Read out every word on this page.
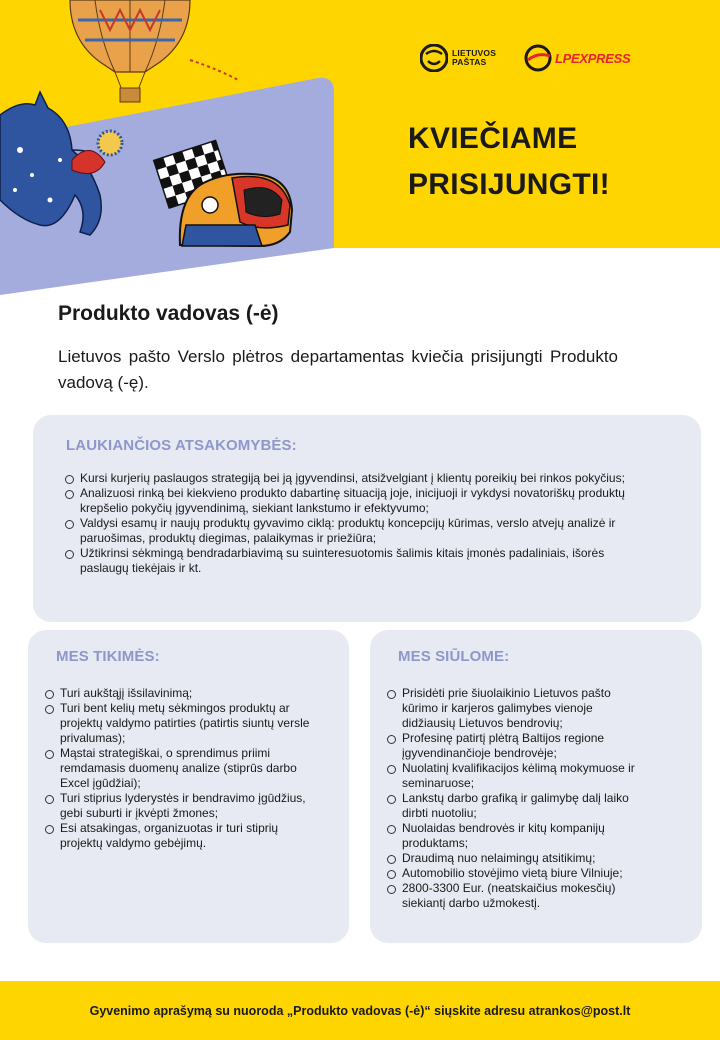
LIETUVOS
PAŠTAS	LPEXPRESS
KVIEČIAME
PRISIJUNGTI!
Produkto vadovas (-ė)

Lietuvos pašto Verslo plėtros departamentas kviečia prisijungti Produkto vadovą (-ę).

LAUKIANČIOS ATSAKOMYBĖS:
Kursi kurjerių paslaugos strategiją bei ją įgyvendinsi, atsižvelgiant į klientų poreikių bei rinkos pokyčius;
Analizuosi rinką bei kiekvieno produkto dabartinę situaciją joje, inicijuoji ir vykdysi novatoriškų produktų krepšelio pokyčių įgyvendinimą, siekiant lankstumo ir efektyvumo;
Valdysi esamų ir naujų produktų gyvavimo ciklą: produktų koncepcijų kūrimas, verslo atvejų analizė ir paruošimas, produktų diegimas, palaikymas ir priežiūra;
Užtikrinsi sėkmingą bendradarbiavimą su suinteresuotomis šalimis kitais įmonės padaliniais, išorės paslaugų tiekėjais ir kt.
MES TIKIMĖS:
Turi aukštąjį išsilavinimą;
Turi bent kelių metų sėkmingos produktų ar projektų valdymo patirties (patirtis siuntų versle privalumas);
Mąstai strategiškai, o sprendimus priimi remdamasis duomenų analize (stiprūs darbo Excel įgūdžiai);
Turi stiprius lyderystės ir bendravimo įgūdžius, gebi suburti ir įkvėpti žmones;
Esi atsakingas, organizuotas ir turi stiprių projektų valdymo gebėjimų.
MES SIŪLOME:
Prisidėti prie šiuolaikinio Lietuvos pašto kūrimo ir karjeros galimybes vienoje didžiausių Lietuvos bendrovių;
Profesinę patirtį plėtrą Baltijos regione įgyvendinančioje bendrovėje;
Nuolatinį kvalifikacijos kėlimą mokymuose ir seminaruose;
Lankstų darbo grafiką ir galimybę dalį laiko dirbti nuotoliu;
Nuolaidas bendrovės ir kitų kompanijų produktams;
Draudimą nuo nelaimingų atsitikimų;
Automobilio stovėjimo vietą biure Vilniuje;
2800-3300 Eur. (neatskaičius mokesčių) siekiantį darbo užmokestį.
Gyvenimo aprašymą su nuoroda „Produkto vadovas (-ė)“ siųskite adresu atrankos@post.lt
